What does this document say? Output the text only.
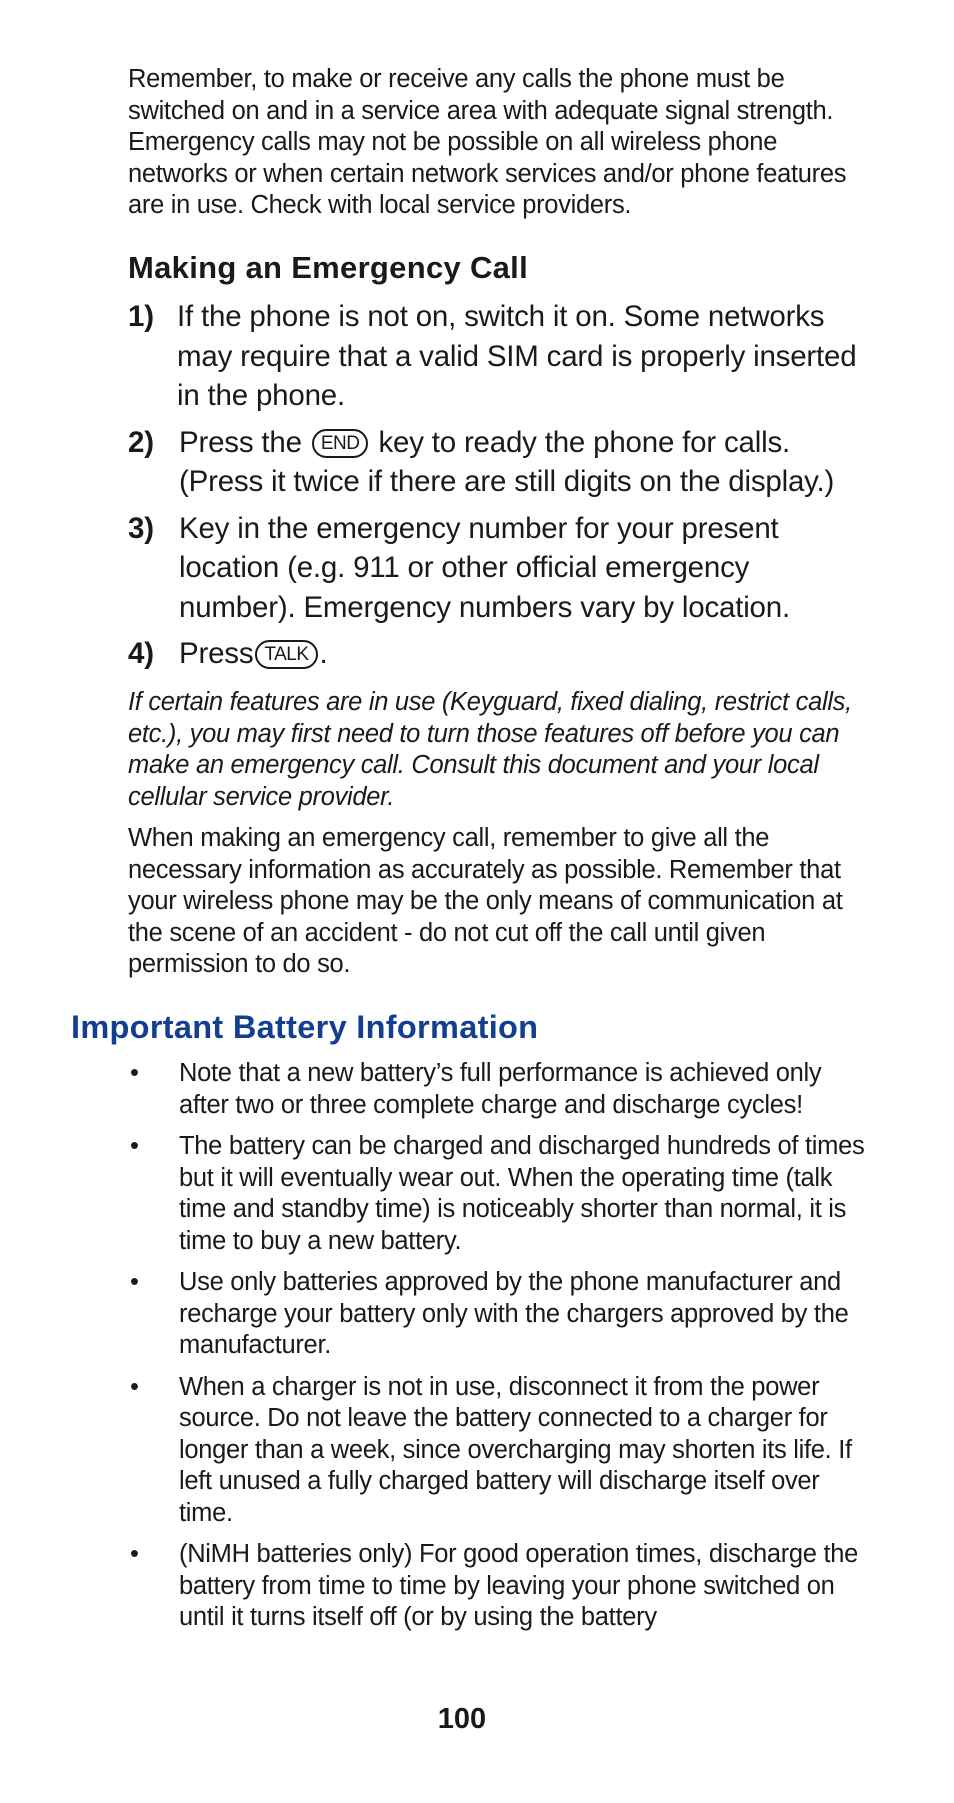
Remember, to make or receive any calls the phone must be switched on and in a service area with adequate signal strength. Emergency calls may not be possible on all wireless phone networks or when certain network services and/or phone features are in use. Check with local service providers.

Making an Emergency Call
1) If the phone is not on, switch it on. Some networks may require that a valid SIM card is properly inserted in the phone.
2) Press the END key to ready the phone for calls. (Press it twice if there are still digits on the display.)
3) Key in the emergency number for your present location (e.g. 911 or other official emergency number). Emergency numbers vary by location.
4) Press TALK .

If certain features are in use (Keyguard, fixed dialing, restrict calls, etc.), you may first need to turn those features off before you can make an emergency call. Consult this document and your local cellular service provider.

When making an emergency call, remember to give all the necessary information as accurately as possible. Remember that your wireless phone may be the only means of communication at the scene of an accident - do not cut off the call until given permission to do so.

Important Battery Information
• Note that a new battery’s full performance is achieved only after two or three complete charge and discharge cycles!
• The battery can be charged and discharged hundreds of times but it will eventually wear out. When the operating time (talk time and standby time) is noticeably shorter than normal, it is time to buy a new battery.
• Use only batteries approved by the phone manufacturer and recharge your battery only with the chargers approved by the manufacturer.
• When a charger is not in use, disconnect it from the power source. Do not leave the battery connected to a charger for longer than a week, since overcharging may shorten its life. If left unused a fully charged battery will discharge itself over time.
• (NiMH batteries only) For good operation times, discharge the battery from time to time by leaving your phone switched on until it turns itself off (or by using the battery

100
